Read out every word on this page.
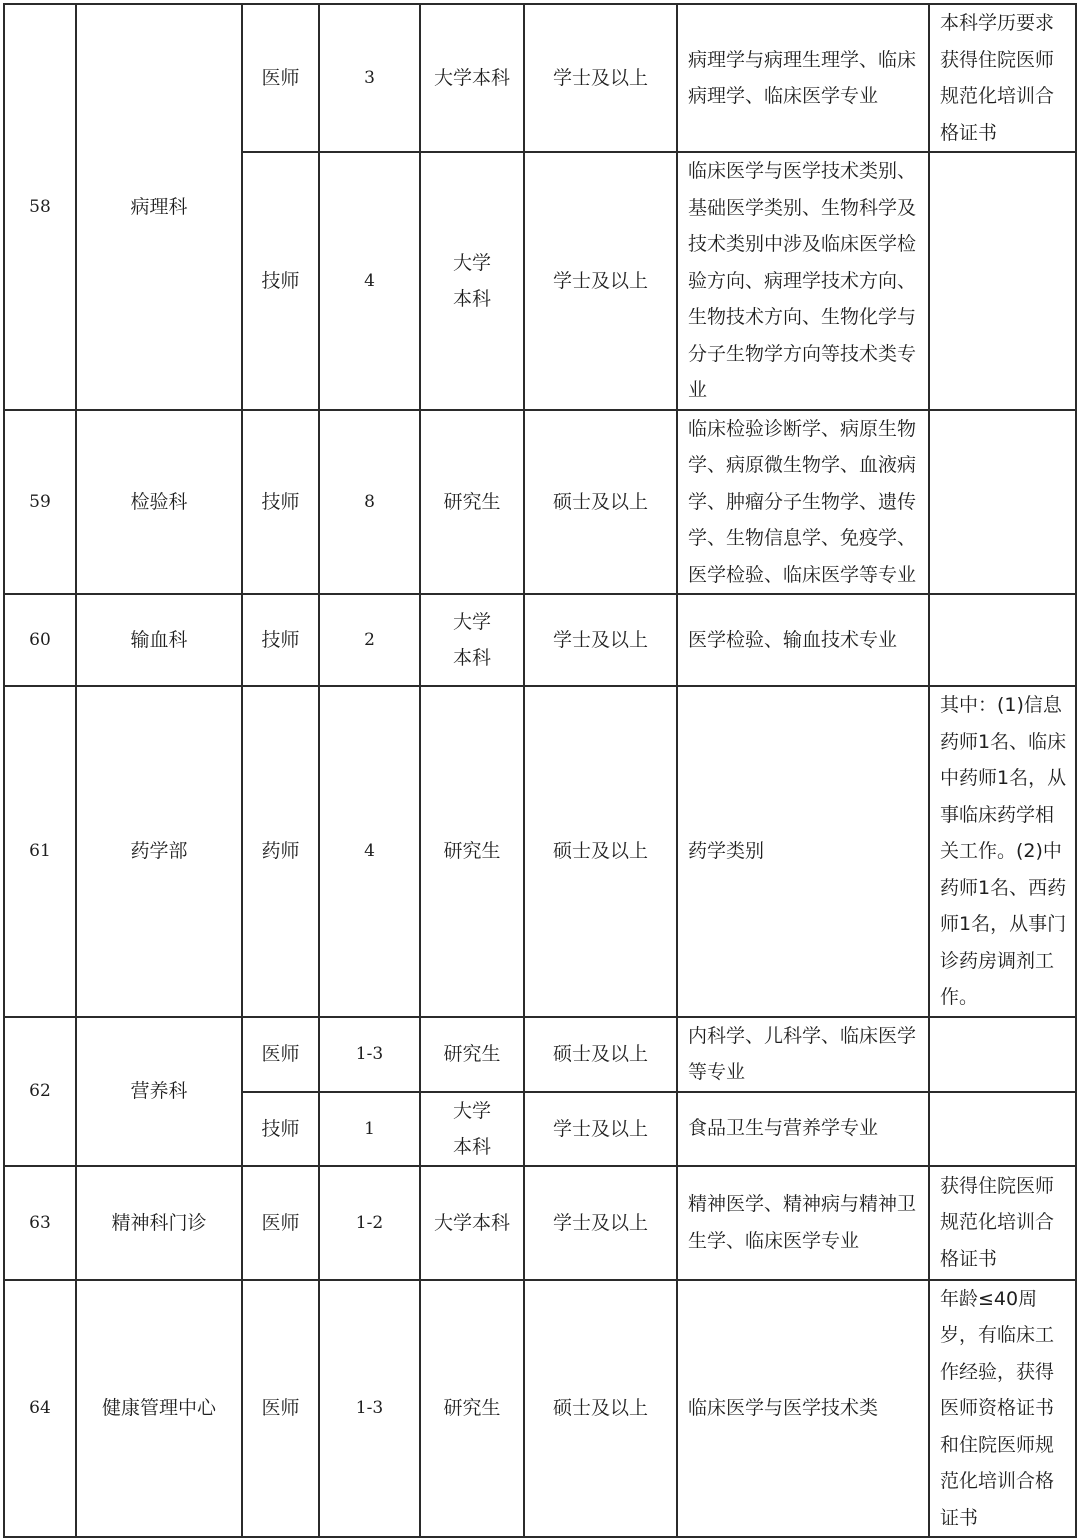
58	病理科	医师	3	大学本科	学士及以上	病理学与病理生理学、临床病理学、临床医学专业	本科学历要求获得住院医师规范化培训合格证书
		技师	4	大学本科	学士及以上	临床医学与医学技术类别、基础医学类别、生物科学及技术类别中涉及临床医学检验方向、病理学技术方向、生物技术方向、生物化学与分子生物学方向等技术类专业	
59	检验科	技师	8	研究生	硕士及以上	临床检验诊断学、病原生物学、病原微生物学、血液病学、肿瘤分子生物学、遗传学、生物信息学、免疫学、医学检验、临床医学等专业	
60	输血科	技师	2	大学本科	学士及以上	医学检验、输血技术专业	
61	药学部	药师	4	研究生	硕士及以上	药学类别	其中：(1)信息药师1名、临床中药师1名，从事临床药学相关工作。(2)中药师1名、西药师1名，从事门诊药房调剂工作。
62	营养科	医师	1-3	研究生	硕士及以上	内科学、儿科学、临床医学等专业	
		技师	1	大学本科	学士及以上	食品卫生与营养学专业	
63	精神科门诊	医师	1-2	大学本科	学士及以上	精神医学、精神病与精神卫生学、临床医学专业	获得住院医师规范化培训合格证书
64	健康管理中心	医师	1-3	研究生	硕士及以上	临床医学与医学技术类	年龄≤40周岁，有临床工作经验，获得医师资格证书和住院医师规范化培训合格证书
